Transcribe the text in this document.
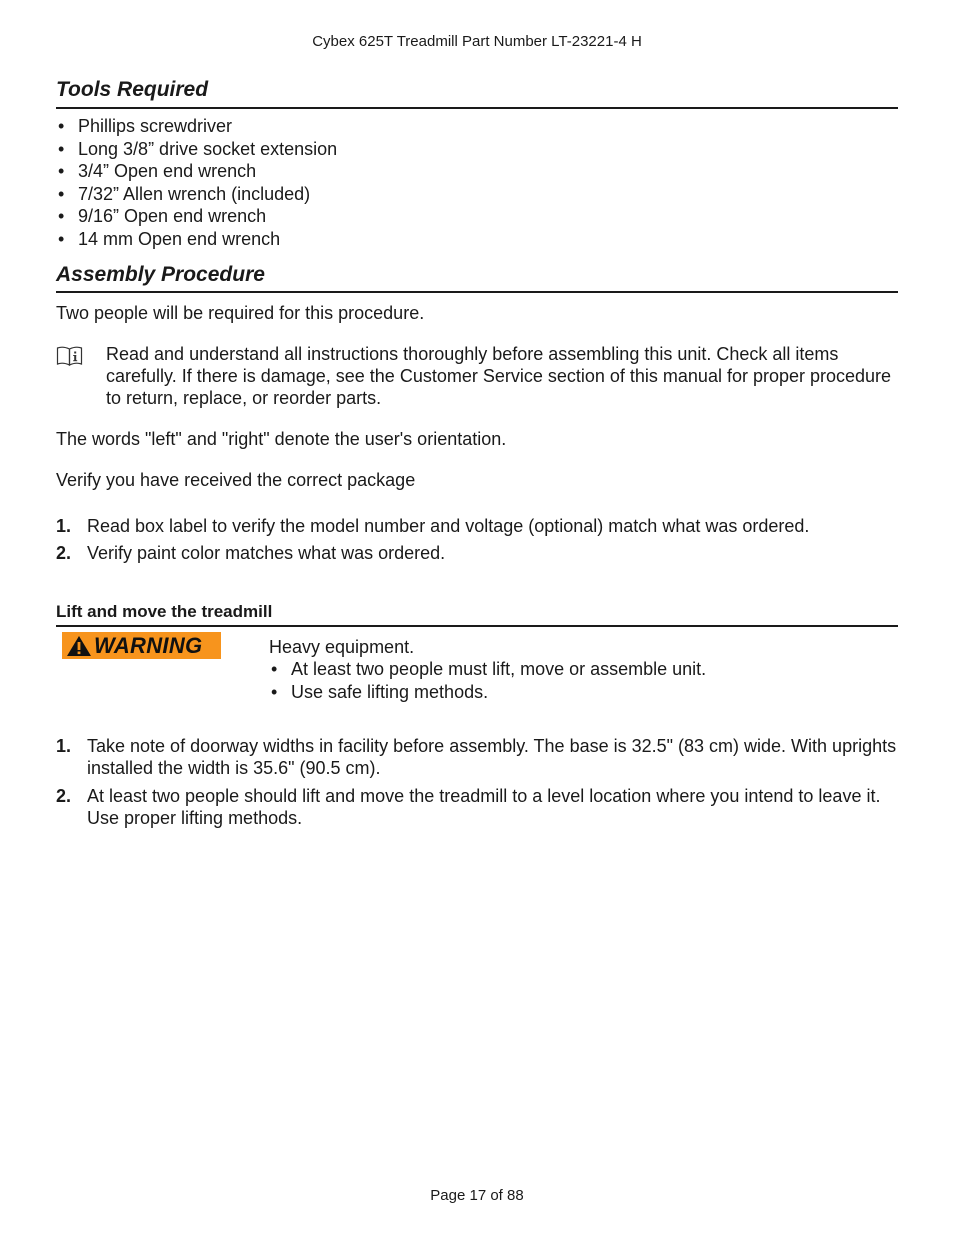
Cybex 625T Treadmill Part Number LT-23221-4 H
Tools Required
• Phillips screwdriver
• Long 3/8” drive socket extension
• 3/4” Open end wrench
• 7/32” Allen wrench (included)
• 9/16” Open end wrench
• 14 mm Open end wrench
Assembly Procedure
Two people will be required for this procedure.
Read and understand all instructions thoroughly before assembling this unit. Check all items carefully. If there is damage, see the Customer Service section of this manual for proper procedure to return, replace, or reorder parts.
The words "left" and "right" denote the user's orientation.
Verify you have received the correct package
1. Read box label to verify the model number and voltage (optional) match what was ordered.
2. Verify paint color matches what was ordered.
Lift and move the treadmill
WARNING	Heavy equipment.
• At least two people must lift, move or assemble unit.
• Use safe lifting methods.
1. Take note of doorway widths in facility before assembly. The base is 32.5" (83 cm) wide. With uprights installed the width is 35.6" (90.5 cm).
2. At least two people should lift and move the treadmill to a level location where you intend to leave it. Use proper lifting methods.
Page 17 of 88
